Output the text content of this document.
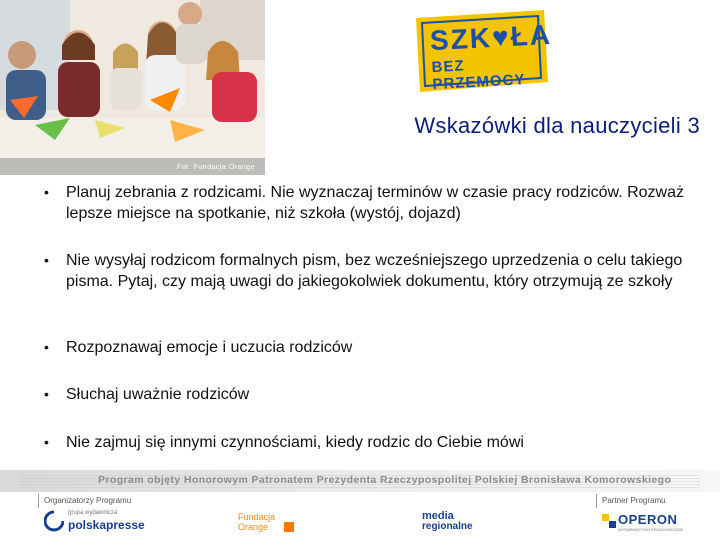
Fot. Fundacja Orange
SZK♥ŁA
BEZ PRZEMOCY
Wskazówki dla nauczycieli 3
• Planuj zebrania z rodzicami. Nie wyznaczaj terminów w czasie pracy rodziców. Rozważ lepsze miejsce na spotkanie, niż szkoła (wystój, dojazd)
• Nie wysyłaj rodzicom formalnych pism, bez wcześniejszego uprzedzenia o celu takiego pisma. Pytaj, czy mają uwagi do jakiegokolwiek dokumentu, który otrzymują ze szkoły
• Rozpoznawaj emocje i uczucia rodziców
• Słuchaj uważnie rodziców
• Nie zajmuj się innymi czynnościami, kiedy rodzic do Ciebie mówi
Program objęty Honorowym Patronatem Prezydenta Rzeczypospolitej Polskiej Bronisława Komorowskiego
Organizatorzy Programu	Partner Programu
grupa wydawnicza
polskapresse
Fundacja
Orange
media
regionalne	OPERON
WYDAWNICTWO PEDAGOGICZNE
